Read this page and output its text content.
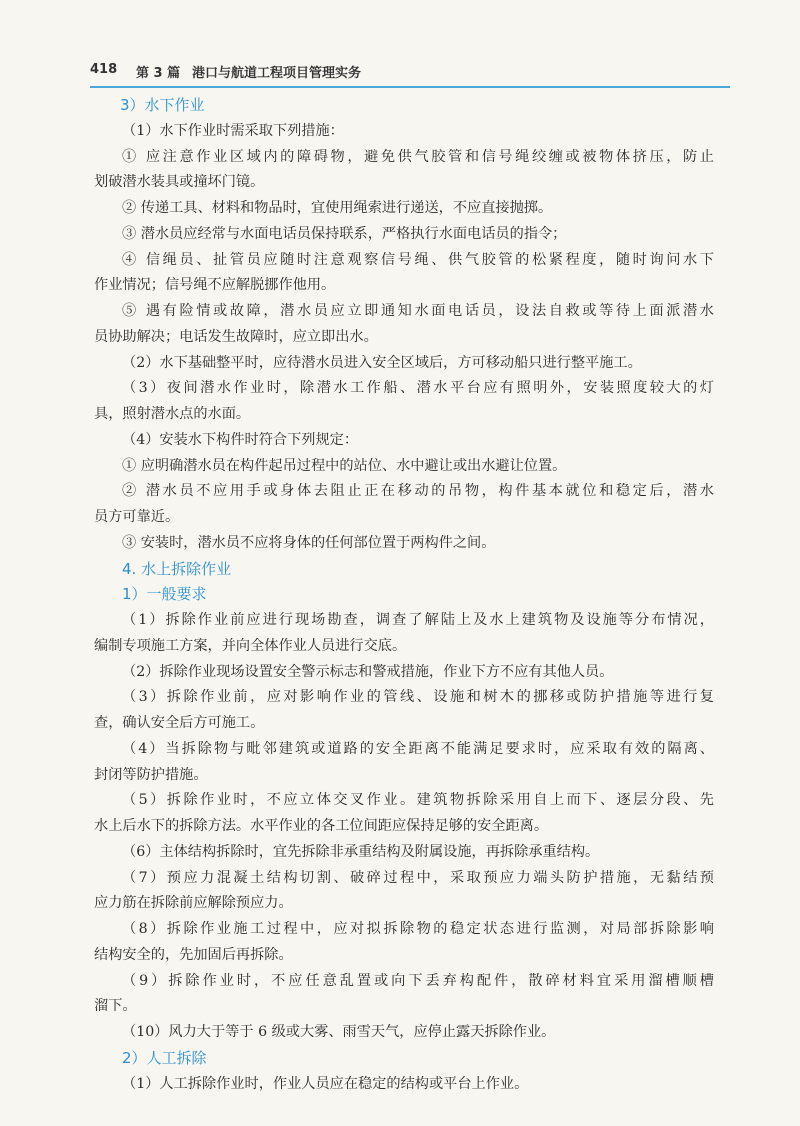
418 第 3 篇 港口与航道工程项目管理实务
3）水下作业
（1）水下作业时需采取下列措施：
① 应注意作业区域内的障碍物，避免供气胶管和信号绳绞缠或被物体挤压，防止
划破潜水装具或撞坏门镜。
② 传递工具、材料和物品时，宜使用绳索进行递送，不应直接抛掷。
③ 潜水员应经常与水面电话员保持联系，严格执行水面电话员的指令；
④ 信绳员、扯管员应随时注意观察信号绳、供气胶管的松紧程度，随时询问水下
作业情况；信号绳不应解脱挪作他用。
⑤ 遇有险情或故障，潜水员应立即通知水面电话员，设法自救或等待上面派潜水
员协助解决；电话发生故障时，应立即出水。
（2）水下基础整平时，应待潜水员进入安全区域后，方可移动船只进行整平施工。
（3）夜间潜水作业时，除潜水工作船、潜水平台应有照明外，安装照度较大的灯
具，照射潜水点的水面。
（4）安装水下构件时符合下列规定：
① 应明确潜水员在构件起吊过程中的站位、水中避让或出水避让位置。
② 潜水员不应用手或身体去阻止正在移动的吊物，构件基本就位和稳定后，潜水
员方可靠近。
③ 安装时，潜水员不应将身体的任何部位置于两构件之间。
4. 水上拆除作业
1）一般要求
（1）拆除作业前应进行现场勘查，调查了解陆上及水上建筑物及设施等分布情况，
编制专项施工方案，并向全体作业人员进行交底。
（2）拆除作业现场设置安全警示标志和警戒措施，作业下方不应有其他人员。
（3）拆除作业前，应对影响作业的管线、设施和树木的挪移或防护措施等进行复
查，确认安全后方可施工。
（4）当拆除物与毗邻建筑或道路的安全距离不能满足要求时，应采取有效的隔离、
封闭等防护措施。
（5）拆除作业时，不应立体交叉作业。建筑物拆除采用自上而下、逐层分段、先
水上后水下的拆除方法。水平作业的各工位间距应保持足够的安全距离。
（6）主体结构拆除时，宜先拆除非承重结构及附属设施，再拆除承重结构。
（7）预应力混凝土结构切割、破碎过程中，采取预应力端头防护措施，无黏结预
应力筋在拆除前应解除预应力。
（8）拆除作业施工过程中，应对拟拆除物的稳定状态进行监测，对局部拆除影响
结构安全的，先加固后再拆除。
（9）拆除作业时，不应任意乱置或向下丢弃构配件，散碎材料宜采用溜槽顺槽
溜下。
（10）风力大于等于 6 级或大雾、雨雪天气，应停止露天拆除作业。
2）人工拆除
（1）人工拆除作业时，作业人员应在稳定的结构或平台上作业。
